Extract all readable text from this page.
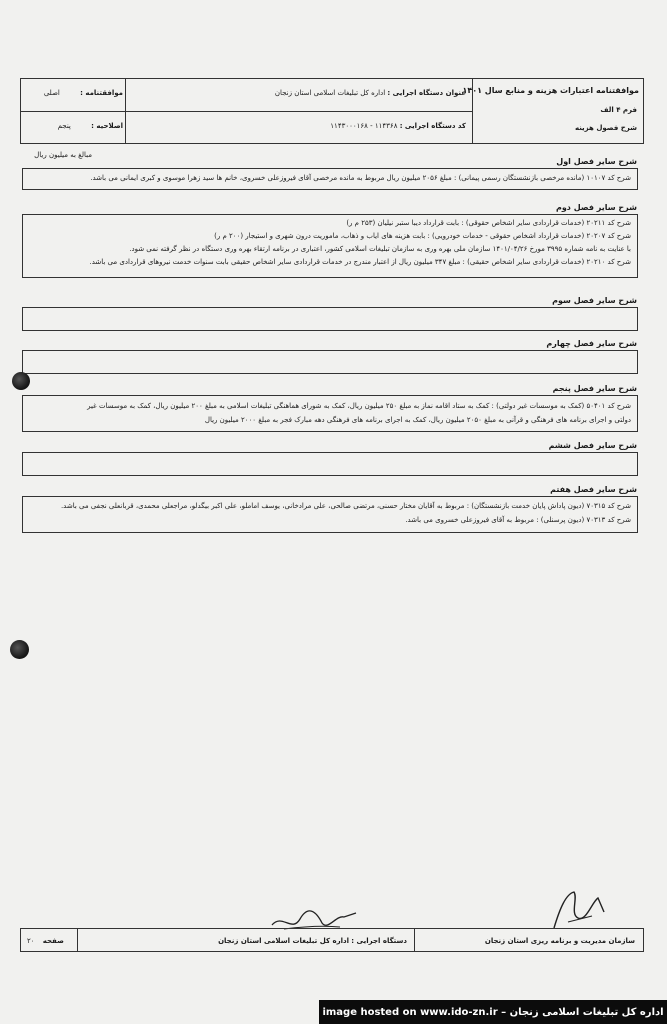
موافقتنامه اعتبارات هزینه و منابع سال ۱۴۰۱
فرم ۴ الف
شرح فصول هزینه
عنوان دستگاه اجرایی : اداره کل تبلیغات اسلامی استان زنجان
کد دستگاه اجرایی : ۱۱۴۳۶۸ - ۱۱۴۳۰۰۰۱۶۸
موافقتنامه : اصلی
اصلاحیه : پنجم
مبالغ به میلیون ریال
شرح سایر فصل اول
شرح کد ۱۰۱۰۷ (مانده مرخصی بازنشستگان رسمی پیمانی) : مبلغ ۲۰۵۶ میلیون ریال مربوط به مانده مرخصی آقای فیروزعلی خسروی، خانم ها سید زهرا موسوی و کبری ایمانی می باشد.
شرح سایر فصل دوم
شرح کد ۲۰۲۱۱ (خدمات قراردادی سایر اشخاص حقوقی) : بابت قرارداد دیبا ستبر نیلیان (۲۵۳ م ر)
شرح کد ۲۰۲۰۷ (خدمات قرارداد اشخاص حقوقی - خدمات خودرویی) : بابت هزینه های ایاب و ذهاب، ماموریت درون شهری و استیجار (۲۰۰ م ر)
با عنایت به نامه شماره ۳۹۹۵ مورخ ۱۴۰۱/۰۴/۲۶ سازمان ملی بهره وری به سازمان تبلیغات اسلامی کشور، اعتباری در برنامه ارتقاء بهره وری دستگاه در نظر گرفته نمی شود.
شرح کد ۲۰۲۱۰ (خدمات قراردادی سایر اشخاص حقیقی) : مبلغ ۳۴۷ میلیون ریال از اعتبار مندرج در خدمات قراردادی سایر اشخاص حقیقی بابت سنوات خدمت نیروهای قراردادی می باشد.
شرح سایر فصل سوم
شرح سایر فصل چهارم
شرح سایر فصل پنجم
شرح کد ۵۰۴۰۱ (کمک به موسسات غیر دولتی) : کمک به ستاد اقامه نماز به مبلغ ۲۵۰ میلیون ریال، کمک به شورای هماهنگی تبلیغات اسلامی به مبلغ ۲۰۰ میلیون ریال، کمک به موسسات غیر
دولتی و اجرای برنامه های فرهنگی و قرآنی به مبلغ ۲۰۵۰ میلیون ریال، کمک به اجرای برنامه های فرهنگی دهه مبارک فجر به مبلغ ۲۰۰۰ میلیون ریال
شرح سایر فصل ششم
شرح سایر فصل هفتم
شرح کد ۷۰۳۱۵ (دیون پاداش پایان خدمت بازنشستگان) : مربوط به آقایان مختار حسنی، مرتضی صالحی، علی مرادخانی، یوسف اماملو، علی اکبر بیگدلو، مراجعلی محمدی، قربانعلی نجفی می باشد.
شرح کد ۷۰۳۱۳ (دیون پرسنلی) : مربوط به آقای فیروزعلی خسروی می باشد.
سازمان مدیریت و برنامه ریزی استان زنجان
دستگاه اجرایی : اداره کل تبلیغات اسلامی استان زنجان
صفحه ۲۰
اداره کل تبلیغات اسلامی زنجان – image hosted on www.ido-zn.ir
